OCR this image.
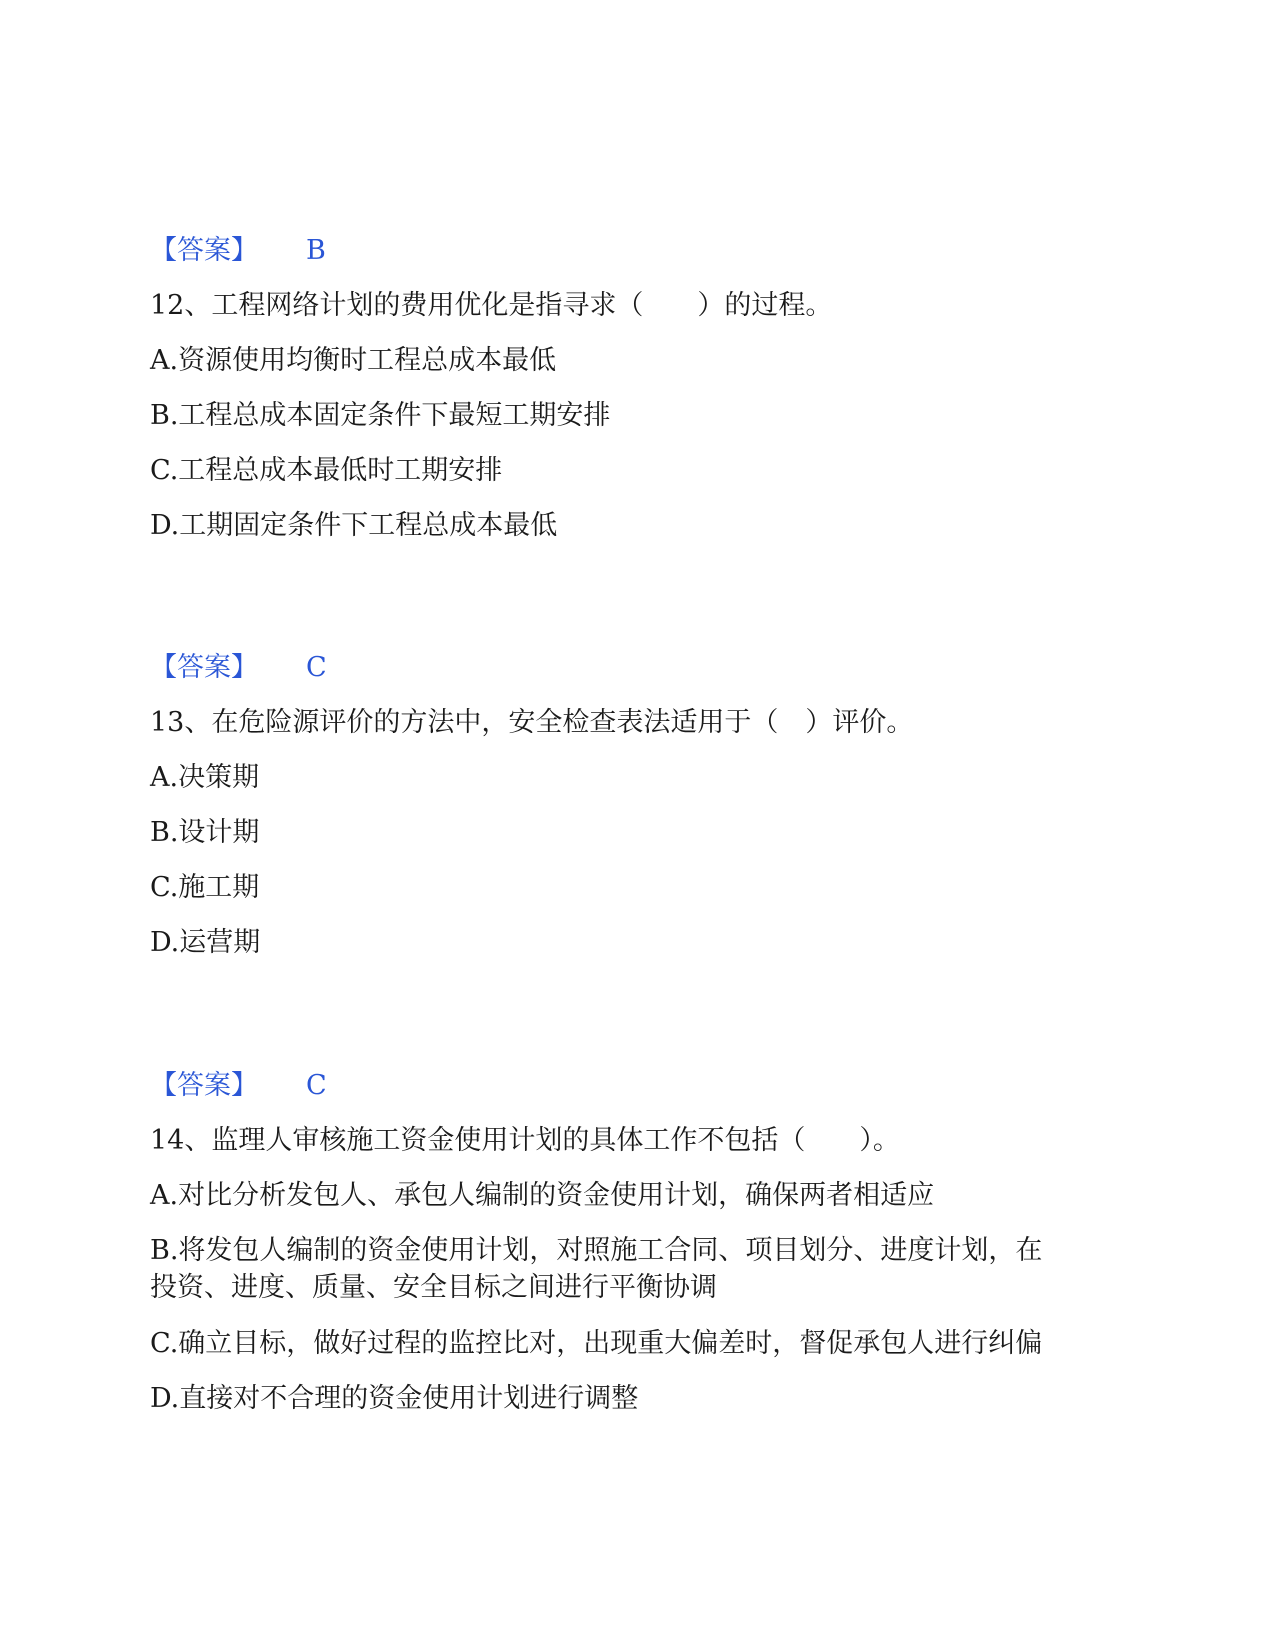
【答案】 B
12、工程网络计划的费用优化是指寻求（　　）的过程。
A.资源使用均衡时工程总成本最低
B.工程总成本固定条件下最短工期安排
C.工程总成本最低时工期安排
D.工期固定条件下工程总成本最低
【答案】 C
13、在危险源评价的方法中，安全检查表法适用于（　）评价。
A.决策期
B.设计期
C.施工期
D.运营期
【答案】 C
14、监理人审核施工资金使用计划的具体工作不包括（　　）。
A.对比分析发包人、承包人编制的资金使用计划，确保两者相适应
B.将发包人编制的资金使用计划，对照施工合同、项目划分、进度计划，在
投资、进度、质量、安全目标之间进行平衡协调
C.确立目标，做好过程的监控比对，出现重大偏差时，督促承包人进行纠偏
D.直接对不合理的资金使用计划进行调整
